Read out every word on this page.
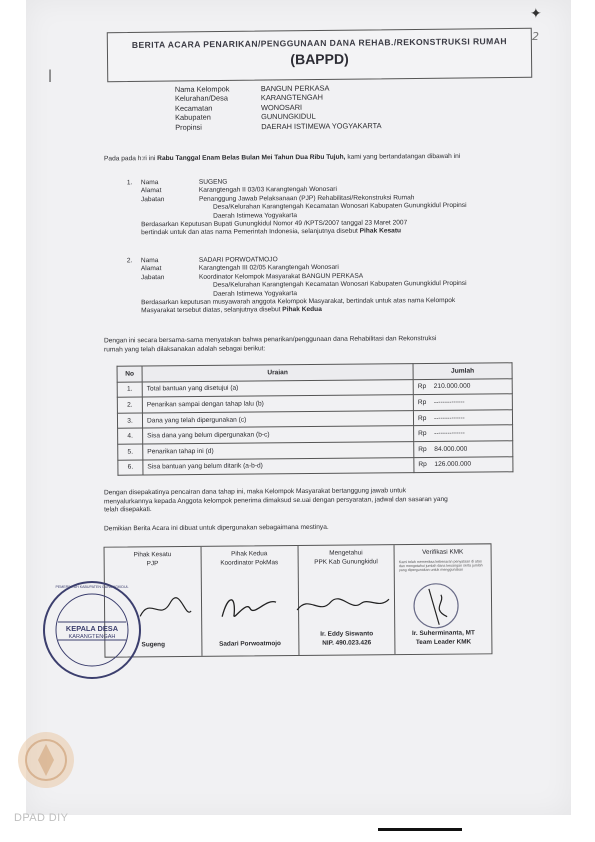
✦
2
|
BERITA ACARA PENARIKAN/PENGGUNAAN DANA REHAB./REKONSTRUKSI RUMAH
(BAPPD)
Nama Kelompok	BANGUN PERKASA
Kelurahan/Desa	KARANGTENGAH
Kecamatan	WONOSARI
Kabupaten	GUNUNGKIDUL
Propinsi	DAERAH ISTIMEWA YOGYAKARTA
Pada pada h:ri ini Rabu Tanggal Enam Belas Bulan Mei Tahun Dua Ribu Tujuh, kami yang bertandatangan dibawah ini
1.	Nama	SUGENG
Alamat	Karangtengah II 03/03 Karangtengah Wonosari
Jabatan	Penanggung Jawab Pelaksanaan (PJP) Rehabilitasi/Rekonstruksi Rumah
Desa/Kelurahan Karangtengah Kecamatan Wonosari Kabupaten Gunungkidul Propinsi
Daerah Istimewa Yogyakarta
Berdasarkan Keputusan Bupati Gunungkidul Nomor 49 /KPTS/2007 tanggal 23 Maret 2007
bertindak untuk dan atas nama Pemerintah Indonesia, selanjutnya disebut Pihak Kesatu
2.	Nama	SADARI PORWOATMOJO
Alamat	Karangtengah III 02/05 Karangtengah Wonosari
Jabatan	Koordinator Kelompok Masyarakat BANGUN PERKASA
Desa/Kelurahan Karangtengah Kecamatan Wonosari Kabupaten Gunungkidul Propinsi
Daerah Istimewa Yogyakarta
Berdasarkan keputusan musyawarah anggota Kelompok Masyarakat, bertindak untuk atas nama Kelompok
Masyarakat tersebut diatas, selanjutnya disebut Pihak Kedua
Dengan ini secara bersama-sama menyatakan bahwa penarikan/penggunaan dana Rehabilitasi dan Rekonstruksi
rumah yang telah dilaksanakan adalah sebagai berikut:
No	Uraian	Jumlah
1.	Total bantuan yang disetujui (a)	Rp 210.000.000
2.	Penarikan sampai dengan tahap lalu (b)	Rp --------------
3.	Dana yang telah dipergunakan (c)	Rp --------------
4.	Sisa dana yang belum dipergunakan (b-c)	Rp --------------
5.	Penarikan tahap ini (d)	Rp 84.000.000
6.	Sisa bantuan yang belum ditarik (a-b-d)	Rp 126.000.000
Dengan disepakatinya pencairan dana tahap ini, maka Kelompok Masyarakat bertanggung jawab untuk
menyalurkannya kepada Anggota kelompok penerima dimaksud se.uai dengan persyaratan, jadwal dan sasaran yang
telah disepakati.
Demikian Berita Acara ini dibuat untuk dipergunakan sebagaimana mestinya.
Pihak Kesatu
PJP
Sugeng
Pihak Kedua
Koordinator PokMas
Sadari Porwoatmojo
Mengetahui
PPK Kab Gunungkidul
Ir. Eddy Siswanto
NIP. 490.023.426
Verifikasi KMK
Kami telah memeriksa kebenaran penyataan di atas dan mengetahui jumlah dana keuangan serta jumlah yang dipergunakan untuk menggunakan
Ir. Suherminanta, MT
Team Leader KMK
PEMERINTAH KABUPATEN GUNUNGKIDUL
KEPALA DESA
KARANGTENGAH
DPAD DIY
